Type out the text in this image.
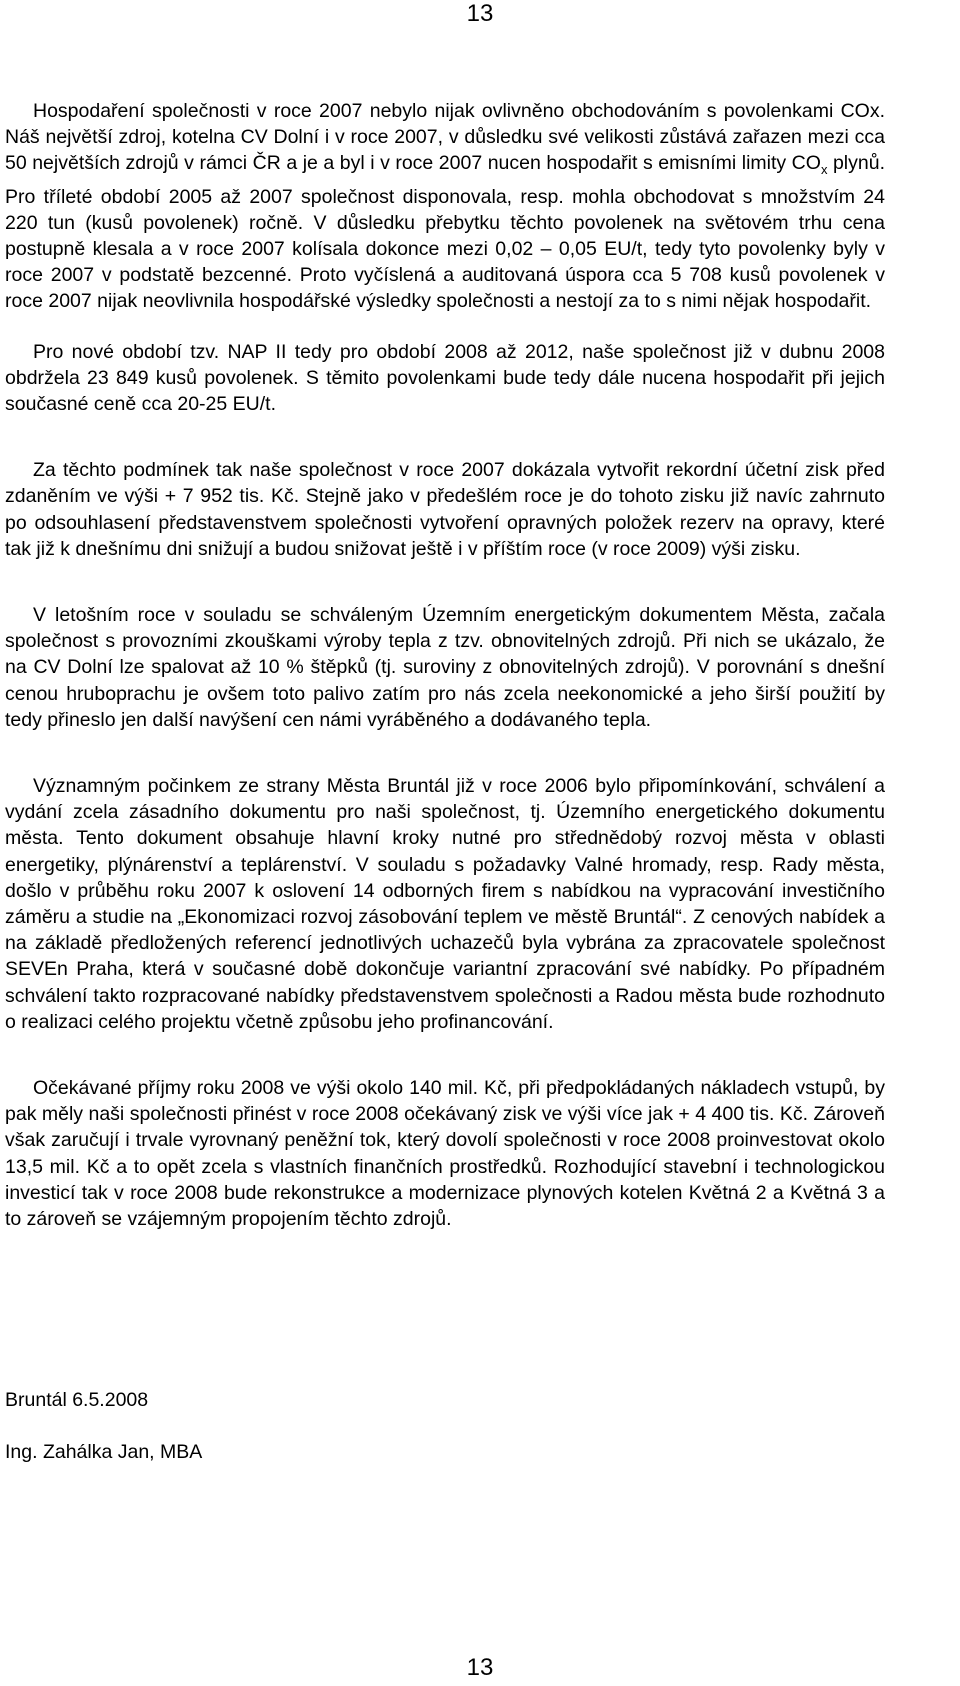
13

Hospodaření společnosti v roce 2007 nebylo nijak ovlivněno obchodováním s povolenkami COx. Náš největší zdroj, kotelna CV Dolní i v roce 2007, v důsledku své velikosti zůstává zařazen mezi cca 50 největších zdrojů v rámci ČR a je a byl i v roce 2007 nucen hospodařit s emisními limity $CO_x$ plynů. Pro tříleté období 2005 až 2007 společnost disponovala, resp. mohla obchodovat s množstvím 24 220 tun (kusů povolenek) ročně. V důsledku přebytku těchto povolenek na světovém trhu cena postupně klesala a v roce 2007 kolísala dokonce mezi 0,02 – 0,05 EU/t, tedy tyto povolenky byly v roce 2007 v podstatě bezcenné. Proto vyčíslená a auditovaná úspora cca 5 708 kusů povolenek v roce 2007 nijak neovlivnila hospodářské výsledky společnosti a nestojí za to s nimi nějak hospodařit.

Pro nové období tzv. NAP II tedy pro období 2008 až 2012, naše společnost již v dubnu 2008 obdržela 23 849 kusů povolenek. S těmito povolenkami bude tedy dále nucena hospodařit při jejich současné ceně cca 20-25 EU/t.

Za těchto podmínek tak naše společnost v roce 2007 dokázala vytvořit rekordní účetní zisk před zdaněním ve výši + 7 952 tis. Kč. Stejně jako v předešlém roce je do tohoto zisku již navíc zahrnuto po odsouhlasení představenstvem společnosti vytvoření opravných položek rezerv na opravy, které tak již k dnešnímu dni snižují a budou snižovat ještě i v příštím roce (v roce 2009) výši zisku.

V letošním roce v souladu se schváleným Územním energetickým dokumentem Města, začala společnost s provozními zkouškami výroby tepla z tzv. obnovitelných zdrojů. Při nich se ukázalo, že na CV Dolní lze spalovat až 10 % štěpků (tj. suroviny z obnovitelných zdrojů). V porovnání s dnešní cenou hrubopraсhu je ovšem toto palivo zatím pro nás zcela neekonomické a jeho širší použití by tedy přineslo jen další navýšení cen námi vyráběného a dodávaného tepla.

Významným počinkem ze strany Města Bruntál již v roce 2006 bylo připomínkování, schválení a vydání zcela zásadního dokumentu pro naši společnost, tj. Územního energetického dokumentu města. Tento dokument obsahuje hlavní kroky nutné pro střednědobý rozvoj města v oblasti energetiky, plýnárenství a teplárenství. V souladu s požadavky Valné hromady, resp. Rady města, došlo v průběhu roku 2007 k oslovení 14 odborných firem s nabídkou na vypracování investičního záměru a studie na „Ekonomizaci rozvoj zásobování teplem ve městě Bruntál“. Z cenových nabídek a na základě předložených referencí jednotlivých uchazečů byla vybrána za zpracovatele společnost SEVEn Praha, která v současné době dokončuje variantní zpracování své nabídky. Po případném schválení takto rozpracované nabídky představenstvem společnosti a Radou města bude rozhodnuto o realizaci celého projektu včetně způsobu jeho profinancování.

Očekávané příjmy roku 2008 ve výši okolo 140 mil. Kč, při předpokládaných nákladech vstupů, by pak měly naši společnosti přinést v roce 2008 očekávaný zisk ve výši více jak + 4 400 tis. Kč. Zároveň však zaručují i trvale vyrovnaný peněžní tok, který dovolí společnosti v roce 2008 proinvestovat okolo 13,5 mil. Kč a to opět zcela s vlastních finančních prostředků. Rozhodující stavební i technologickou investicí tak v roce 2008 bude rekonstrukce a modernizace plynových kotelen Květná 2 a Květná 3 a to zároveň se vzájemným propojením těchto zdrojů.

Bruntál 6.5.2008

Ing. Zahálka Jan, MBA

13
